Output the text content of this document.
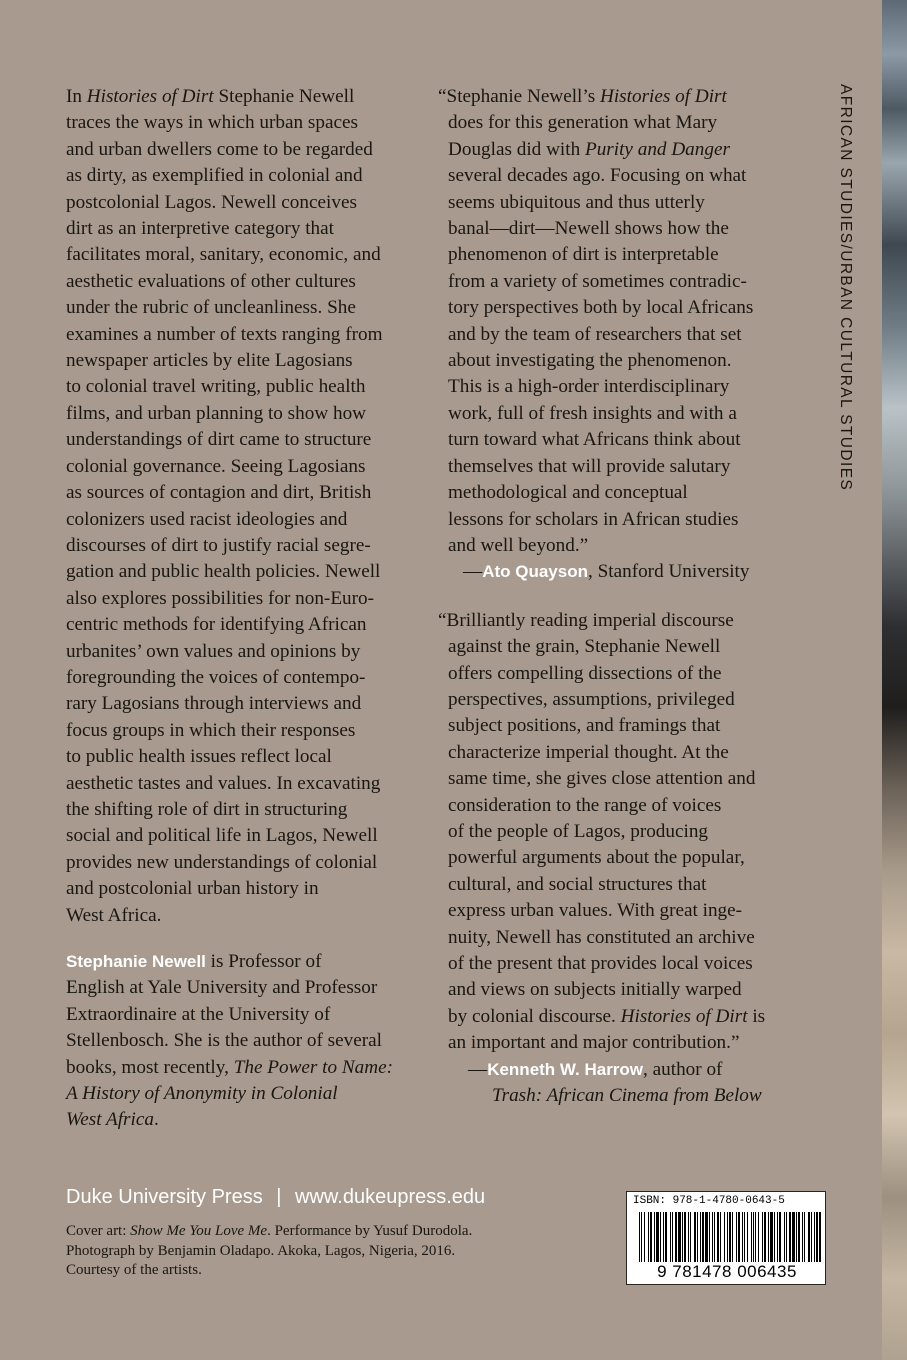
AFRICAN STUDIES/URBAN CULTURAL STUDIES
In Histories of Dirt Stephanie Newell
traces the ways in which urban spaces
and urban dwellers come to be regarded
as dirty, as exemplified in colonial and
postcolonial Lagos. Newell conceives
dirt as an interpretive category that
facilitates moral, sanitary, economic, and
aesthetic evaluations of other cultures
under the rubric of uncleanliness. She
examines a number of texts ranging from
newspaper articles by elite Lagosians
to colonial travel writing, public health
films, and urban planning to show how
understandings of dirt came to structure
colonial governance. Seeing Lagosians
as sources of contagion and dirt, British
colonizers used racist ideologies and
discourses of dirt to justify racial segre-
gation and public health policies. Newell
also explores possibilities for non-Euro-
centric methods for identifying African
urbanites’ own values and opinions by
foregrounding the voices of contempo-
rary Lagosians through interviews and
focus groups in which their responses
to public health issues reflect local
aesthetic tastes and values. In excavating
the shifting role of dirt in structuring
social and political life in Lagos, Newell
provides new understandings of colonial
and postcolonial urban history in
West Africa.
Stephanie Newell is Professor of
English at Yale University and Professor
Extraordinaire at the University of
Stellenbosch. She is the author of several
books, most recently, The Power to Name:
A History of Anonymity in Colonial
West Africa.
“Stephanie Newell’s Histories of Dirt
does for this generation what Mary
Douglas did with Purity and Danger
several decades ago. Focusing on what
seems ubiquitous and thus utterly
banal—dirt—Newell shows how the
phenomenon of dirt is interpretable
from a variety of sometimes contradic-
tory perspectives both by local Africans
and by the team of researchers that set
about investigating the phenomenon.
This is a high-order interdisciplinary
work, full of fresh insights and with a
turn toward what Africans think about
themselves that will provide salutary
methodological and conceptual
lessons for scholars in African studies
and well beyond.”
—Ato Quayson, Stanford University
“Brilliantly reading imperial discourse
against the grain, Stephanie Newell
offers compelling dissections of the
perspectives, assumptions, privileged
subject positions, and framings that
characterize imperial thought. At the
same time, she gives close attention and
consideration to the range of voices
of the people of Lagos, producing
powerful arguments about the popular,
cultural, and social structures that
express urban values. With great inge-
nuity, Newell has constituted an archive
of the present that provides local voices
and views on subjects initially warped
by colonial discourse. Histories of Dirt is
an important and major contribution.”
—Kenneth W. Harrow, author of
Trash: African Cinema from Below
Duke University Press | www.dukeupress.edu
Cover art: Show Me You Love Me. Performance by Yusuf Durodola.
Photograph by Benjamin Oladapo. Akoka, Lagos, Nigeria, 2016.
Courtesy of the artists.
ISBN: 978-1-4780-0643-5
9 781478 006435
